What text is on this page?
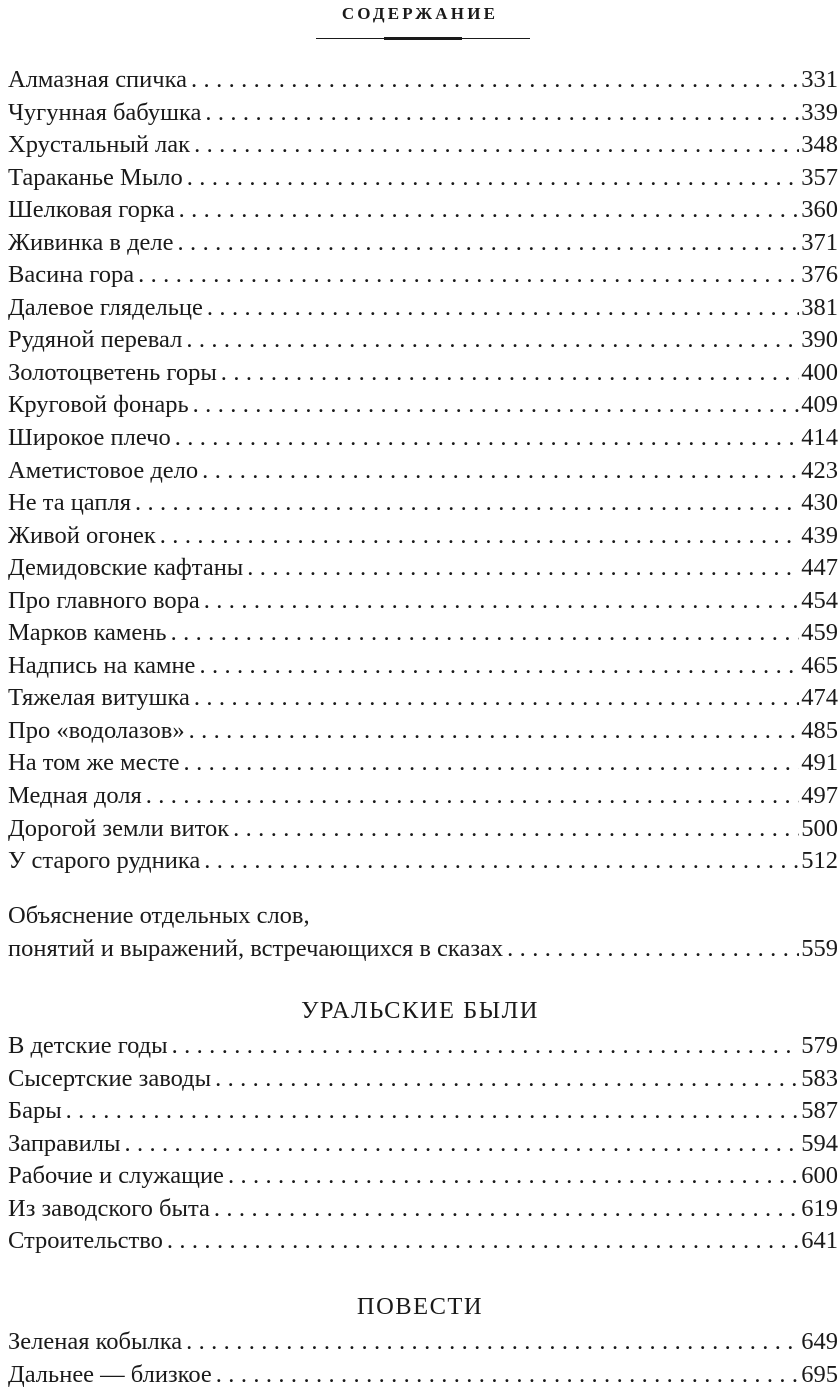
СОДЕРЖАНИЕ
Алмазная спичка .....	331
Чугунная бабушка .....	339
Хрустальный лак .....	348
Тараканье Мыло .....	357
Шелковая горка .....	360
Живинка в деле .....	371
Васина гора .....	376
Далевое глядельце .....	381
Рудяной перевал .....	390
Золотоцветень горы .....	400
Круговой фонарь .....	409
Широкое плечо .....	414
Аметистовое дело .....	423
Не та цапля .....	430
Живой огонек .....	439
Демидовские кафтаны .....	447
Про главного вора .....	454
Марков камень .....	459
Надпись на камне .....	465
Тяжелая витушка .....	474
Про «водолазов» .....	485
На том же месте .....	491
Медная доля .....	497
Дорогой земли виток .....	500
У старого рудника .....	512
Объяснение отдельных слов,
понятий и выражений, встречающихся в сказах .....	559
УРАЛЬСКИЕ БЫЛИ
В детские годы .....	579
Сысертские заводы .....	583
Бары .....	587
Заправилы .....	594
Рабочие и служащие .....	600
Из заводского быта .....	619
Строительство .....	641
ПОВЕСТИ
Зеленая кобылка .....	649
Дальнее — близкое .....	695
